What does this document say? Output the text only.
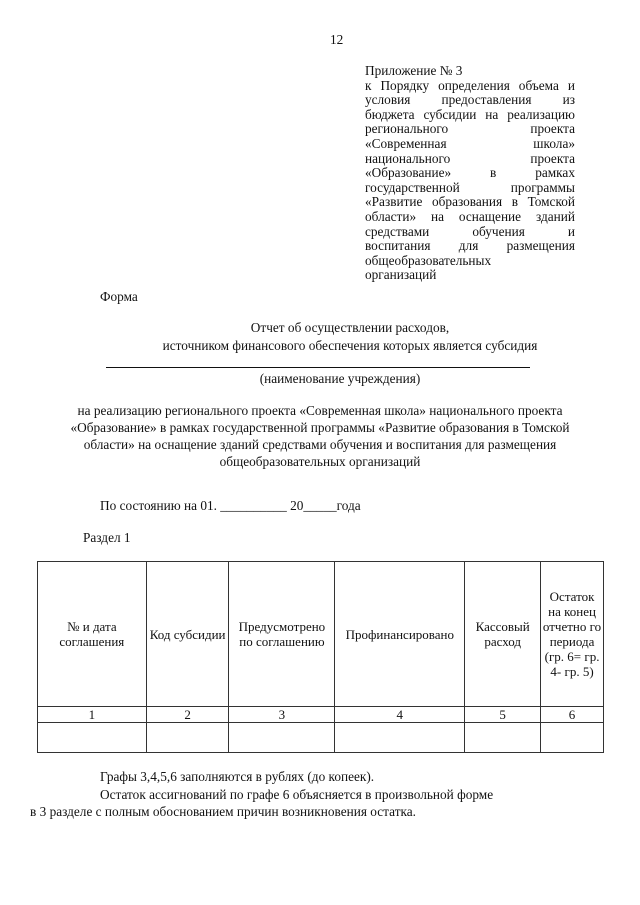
12
Приложение № 3
к Порядку определения объема и
условия предоставления из
бюджета субсидии на реализацию
регионального проекта
«Современная школа»
национального проекта
«Образование» в рамках
государственной программы
«Развитие образования в Томской
области» на оснащение зданий
средствами обучения и
воспитания для размещения
общеобразовательных
организаций
Форма
Отчет об осуществлении расходов,
источником финансового обеспечения которых является субсидия
(наименование учреждения)
на реализацию регионального проекта «Современная школа» национального проекта
«Образование» в рамках государственной программы «Развитие образования в Томской
области» на оснащение зданий средствами обучения и воспитания для размещения
общеобразовательных организаций
По состоянию на 01. __________ 20_____года
Раздел 1
№ и дата соглашения	Код субсидии	Предусмотрено по соглашению	Профинансировано	Кассовый расход	Остаток на конец отчетно го периода (гр. 6= гр. 4- гр. 5)
1	2	3	4	5	6

Графы 3,4,5,6 заполняются в рублях (до копеек).
Остаток ассигнований по графе 6 объясняется в произвольной форме
в 3 разделе с полным обоснованием причин возникновения остатка.
